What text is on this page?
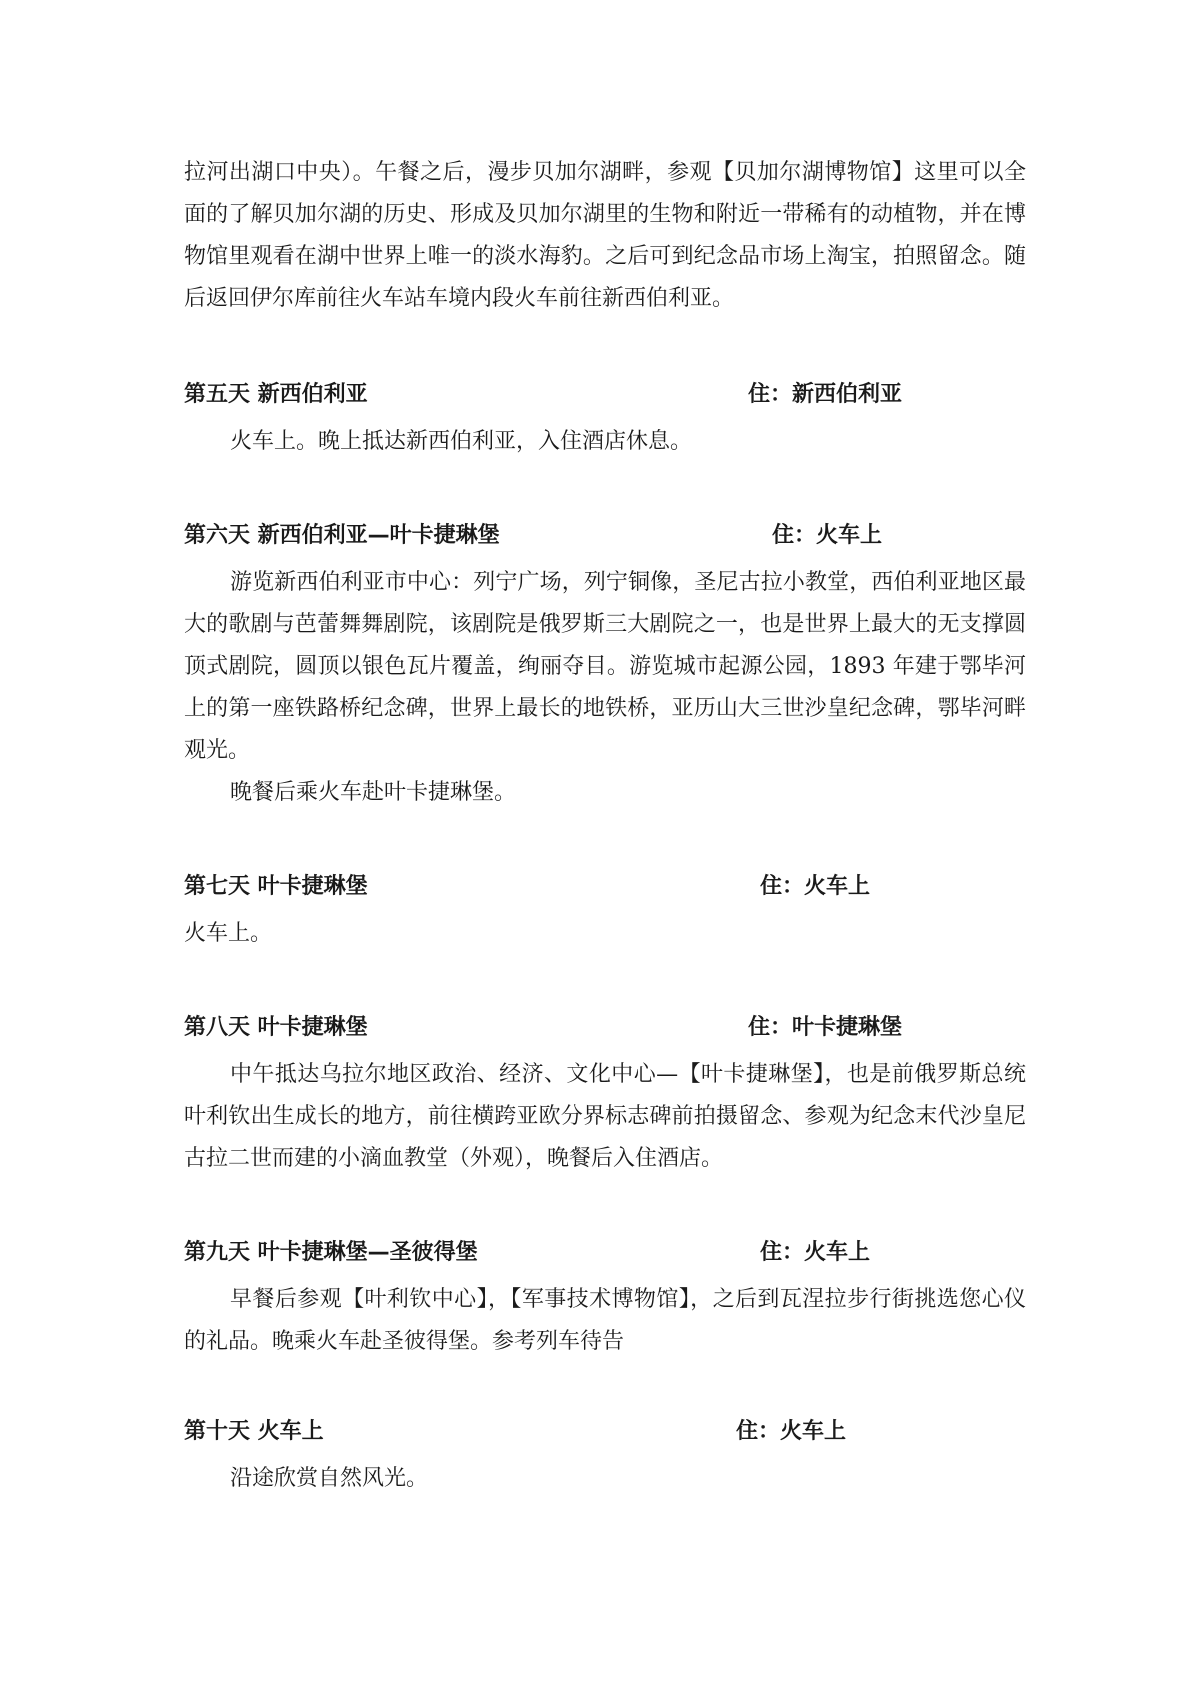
拉河出湖口中央）。午餐之后，漫步贝加尔湖畔，参观【贝加尔湖博物馆】这里可以全面的了解贝加尔湖的历史、形成及贝加尔湖里的生物和附近一带稀有的动植物，并在博物馆里观看在湖中世界上唯一的淡水海豹。之后可到纪念品市场上淘宝，拍照留念。随后返回伊尔库前往火车站车境内段火车前往新西伯利亚。

第五天 新西伯利亚	住：新西伯利亚

火车上。晚上抵达新西伯利亚，入住酒店休息。

第六天 新西伯利亚—叶卡捷琳堡	住：火车上

游览新西伯利亚市中心：列宁广场，列宁铜像，圣尼古拉小教堂，西伯利亚地区最大的歌剧与芭蕾舞舞剧院，该剧院是俄罗斯三大剧院之一，也是世界上最大的无支撑圆顶式剧院，圆顶以银色瓦片覆盖，绚丽夺目。游览城市起源公园，1893 年建于鄂毕河上的第一座铁路桥纪念碑，世界上最长的地铁桥，亚历山大三世沙皇纪念碑，鄂毕河畔观光。

晚餐后乘火车赴叶卡捷琳堡。

第七天 叶卡捷琳堡	住：火车上

火车上。

第八天 叶卡捷琳堡	住：叶卡捷琳堡

中午抵达乌拉尔地区政治、经济、文化中心—【叶卡捷琳堡】，也是前俄罗斯总统叶利钦出生成长的地方，前往横跨亚欧分界标志碑前拍摄留念、参观为纪念末代沙皇尼古拉二世而建的小滴血教堂（外观），晚餐后入住酒店。

第九天 叶卡捷琳堡—圣彼得堡	住：火车上

早餐后参观【叶利钦中心】，【军事技术博物馆】，之后到瓦涅拉步行街挑选您心仪的礼品。晚乘火车赴圣彼得堡。参考列车待告

第十天 火车上	住：火车上

沿途欣赏自然风光。
